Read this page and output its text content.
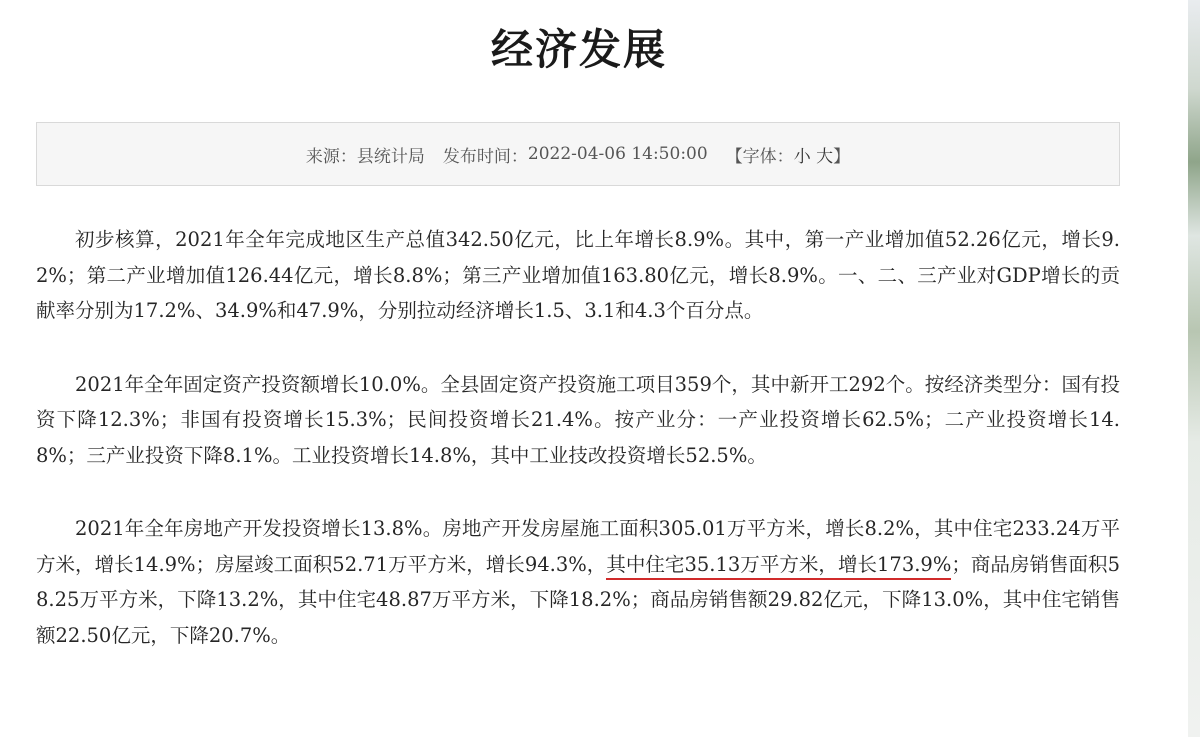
经济发展
来源： 县统计局 发布时间： 2022-04-06 14:50:00 【字体： 小
大 】

初步核算，2021年全年完成地区生产总值342.50亿元，比上年增长8.9%。其中，第一产业增加值52.26亿元，增长9.2%；第二产业增加值126.44亿元，增长8.8%；第三产业增加值163.80亿元，增长8.9%。一、二、三产业对GDP增长的贡献率分别为17.2%、34.9%和47.9%，分别拉动经济增长1.5、3.1和4.3个百分点。

2021年全年固定资产投资额增长10.0%。全县固定资产投资施工项目359个，其中新开工292个。按经济类型分：国有投资下降12.3%；非国有投资增长15.3%；民间投资增长21.4%。按产业分：一产业投资增长62.5%；二产业投资增长14.8%；三产业投资下降8.1%。工业投资增长14.8%，其中工业技改投资增长52.5%。

2021年全年房地产开发投资增长13.8%。房地产开发房屋施工面积305.01万平方米，增长8.2%，其中住宅233.24万平方米，增长14.9%；房屋竣工面积52.71万平方米，增长94.3%，其中住宅35.13万平方米，增长173.9%；商品房销售面积58.25万平方米，下降13.2%，其中住宅48.87万平方米，下降18.2%；商品房销售额29.82亿元，下降13.0%，其中住宅销售额22.50亿元，下降20.7%。
